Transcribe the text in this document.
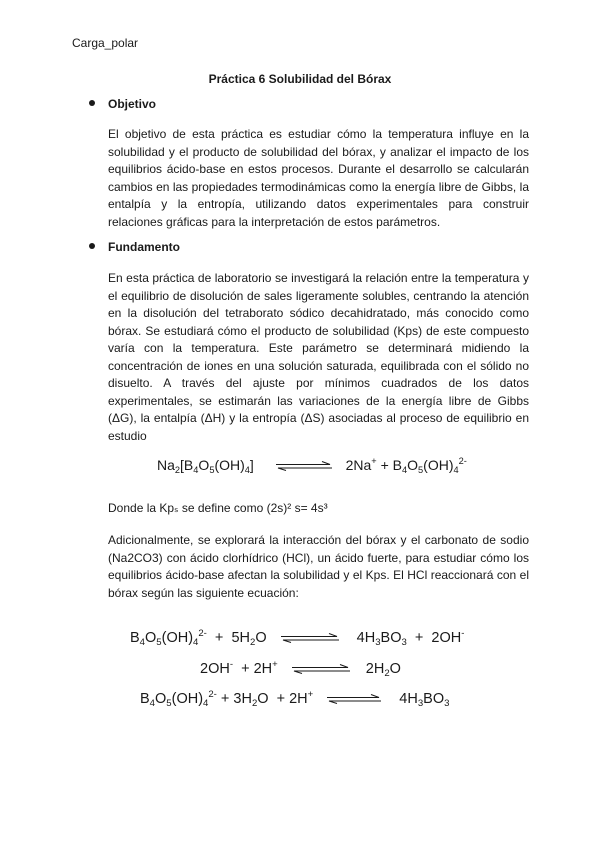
Carga_polar
Práctica 6 Solubilidad del Bórax
Objetivo
El objetivo de esta práctica es estudiar cómo la temperatura influye en la solubilidad y el producto de solubilidad del bórax, y analizar el impacto de los equilibrios ácido-base en estos procesos. Durante el desarrollo se calcularán cambios en las propiedades termodinámicas como la energía libre de Gibbs, la entalpía y la entropía, utilizando datos experimentales para construir relaciones gráficas para la interpretación de estos parámetros.
Fundamento
En esta práctica de laboratorio se investigará la relación entre la temperatura y el equilibrio de disolución de sales ligeramente solubles, centrando la atención en la disolución del tetraborato sódico decahidratado, más conocido como bórax. Se estudiará cómo el producto de solubilidad (Kps) de este compuesto varía con la temperatura. Este parámetro se determinará midiendo la concentración de iones en una solución saturada, equilibrada con el sólido no disuelto. A través del ajuste por mínimos cuadrados de los datos experimentales, se estimarán las variaciones de la energía libre de Gibbs (ΔG), la entalpía (ΔH) y la entropía (ΔS) asociadas al proceso de equilibrio en estudio
$Na_2[B_4O_5(OH)_4]$ ⇌ $2Na^+ + B_4O_5(OH)_4^{2-}$
Donde la Kpₛ se define como (2s)² s= 4s³
Adicionalmente, se explorará la interacción del bórax y el carbonato de sodio (Na2CO3) con ácido clorhídrico (HCl), un ácido fuerte, para estudiar cómo los equilibrios ácido-base afectan la solubilidad y el Kps. El HCl reaccionará con el bórax según las siguiente ecuación:
$B_4O_5(OH)_4^{2-} + 5H_2O$ ⇌ $4H_3BO_3 + 2OH^-$
2OH-  + 2H+ ⇌ $2H_2O$
$B_4O_5(OH)_4^{2-} + 3H_2O + 2H^+$ ⇌ $4H_3BO_3$
